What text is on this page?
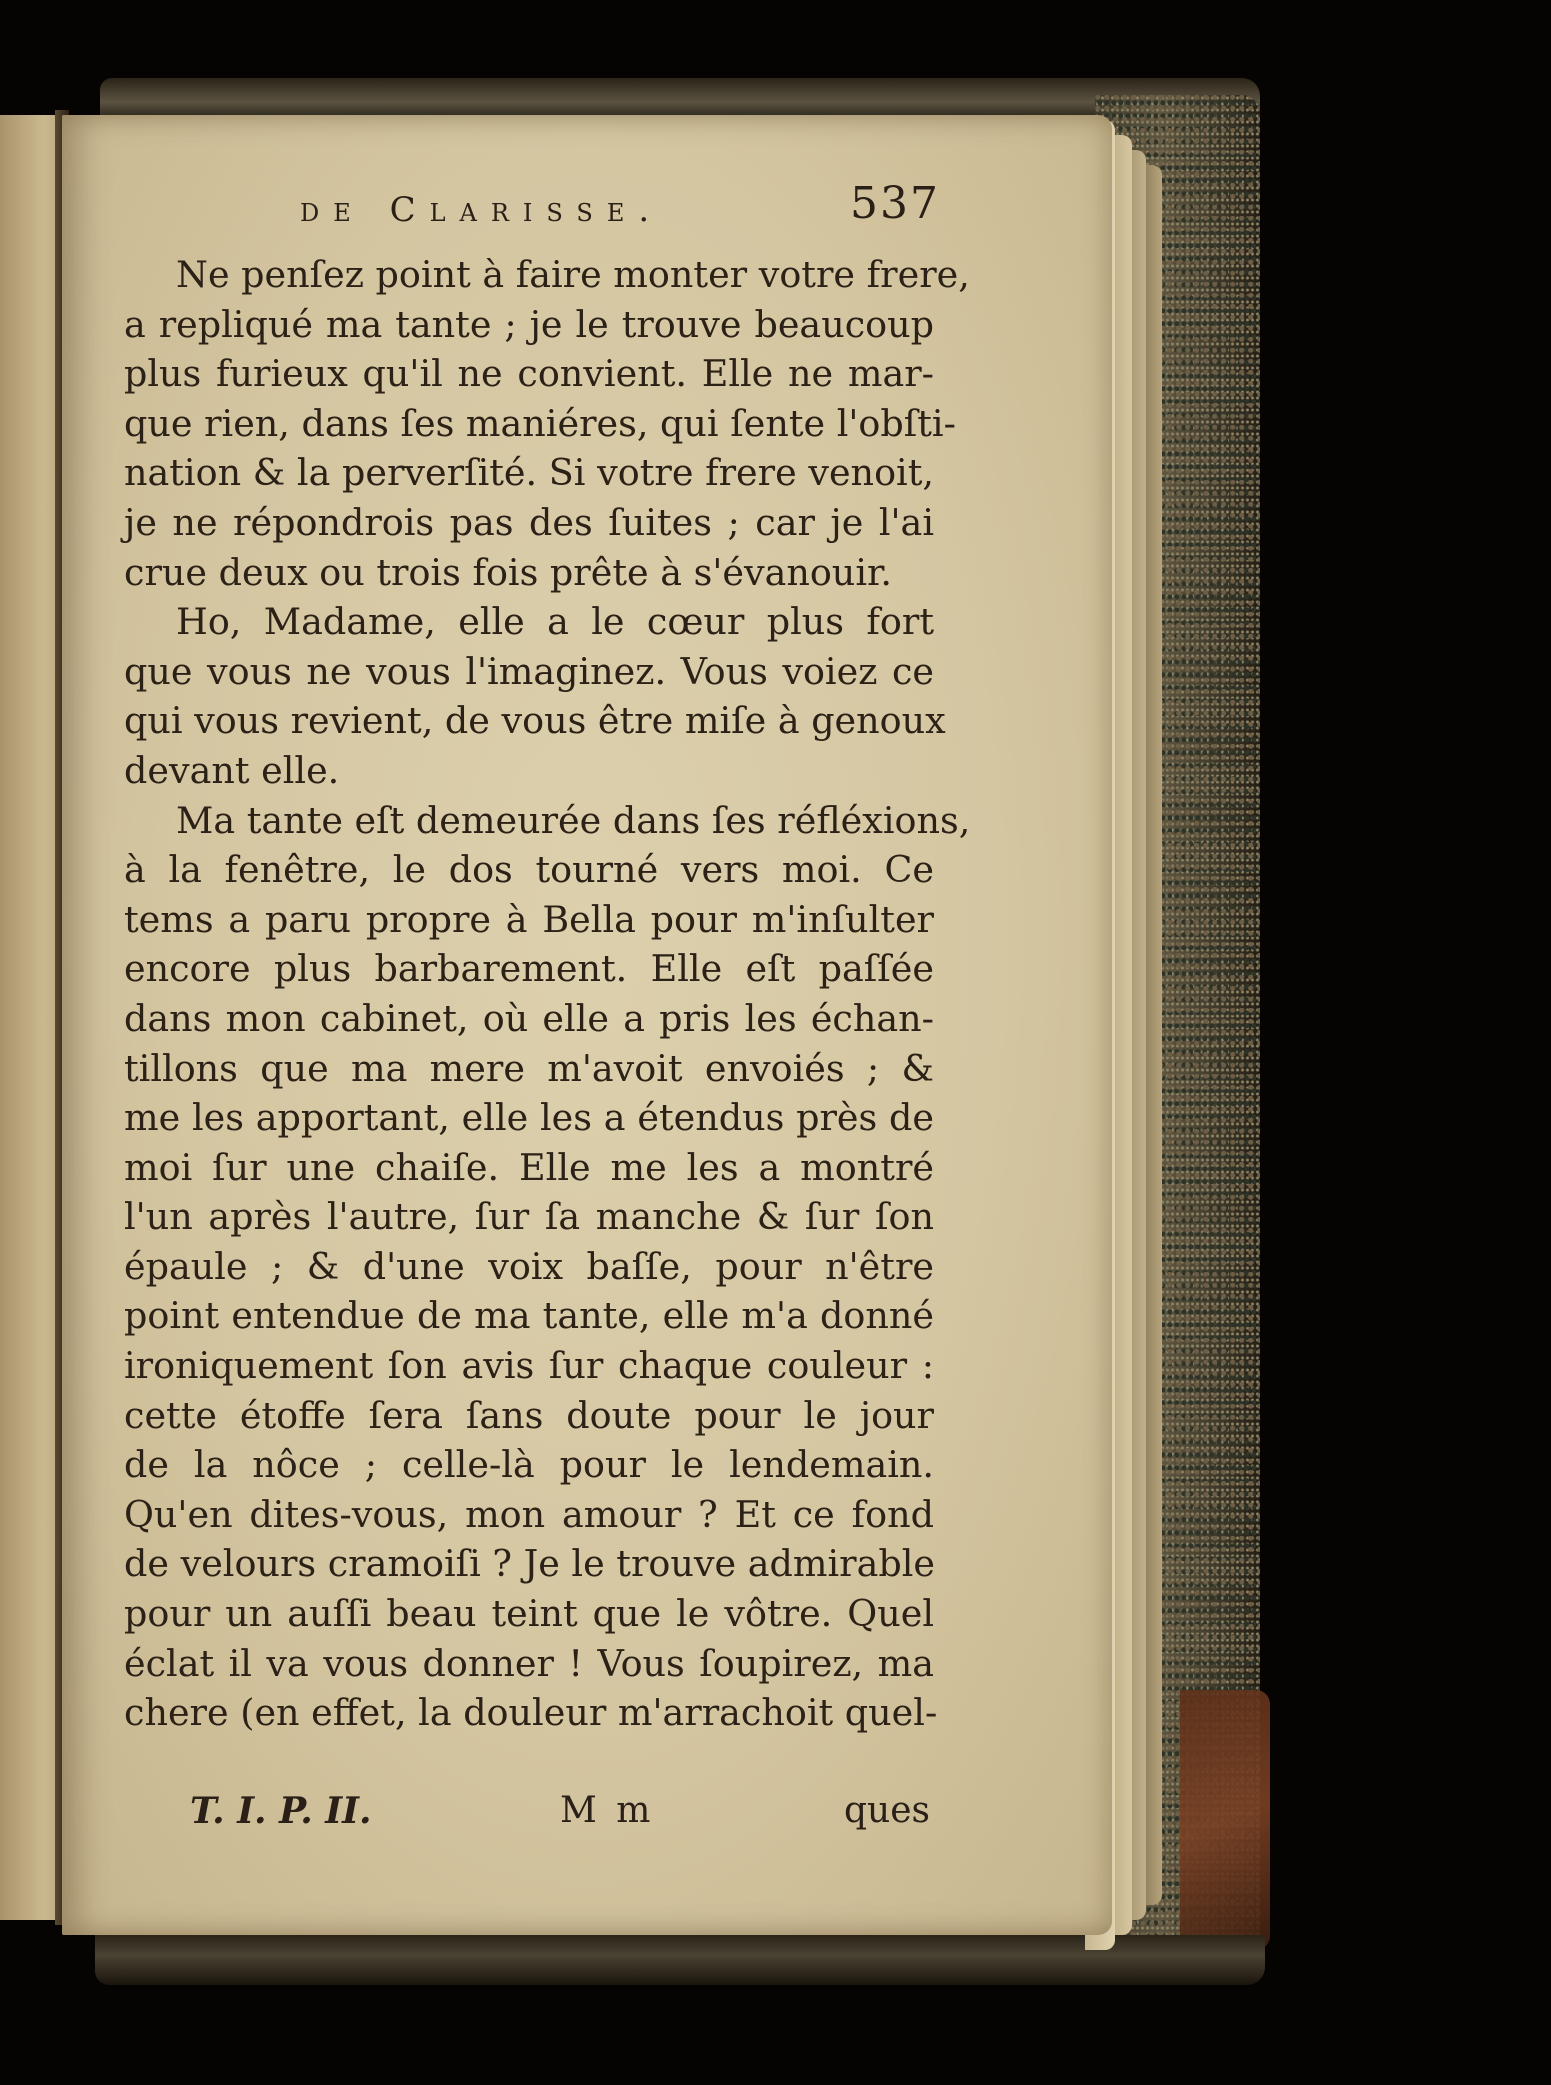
de Clarisse.	537
Ne penſez point à faire monter votre frere,
a repliqué ma tante ; je le trouve beaucoup
plus furieux qu'il ne convient. Elle ne mar-
que rien, dans ſes maniéres, qui ſente l'obſti-
nation & la perverſité. Si votre frere venoit,
je ne répondrois pas des ſuites ; car je l'ai
crue deux ou trois fois prête à s'évanouir.
Ho, Madame, elle a le cœur plus fort
que vous ne vous l'imaginez. Vous voiez ce
qui vous revient, de vous être miſe à genoux
devant elle.
Ma tante eſt demeurée dans ſes réfléxions,
à la fenêtre, le dos tourné vers moi. Ce
tems a paru propre à Bella pour m'inſulter
encore plus barbarement. Elle eſt paſſée
dans mon cabinet, où elle a pris les échan-
tillons que ma mere m'avoit envoiés ; &
me les apportant, elle les a étendus près de
moi ſur une chaiſe. Elle me les a montré
l'un après l'autre, ſur ſa manche & ſur ſon
épaule ; & d'une voix baſſe, pour n'être
point entendue de ma tante, elle m'a donné
ironiquement ſon avis ſur chaque couleur :
cette étoffe ſera ſans doute pour le jour
de la nôce ; celle-là pour le lendemain.
Qu'en dites-vous, mon amour ? Et ce fond
de velours cramoiſi ? Je le trouve admirable
pour un auſſi beau teint que le vôtre. Quel
éclat il va vous donner ! Vous ſoupirez, ma
chere (en effet, la douleur m'arrachoit quel-
T. I. P. II.	M m	ques
